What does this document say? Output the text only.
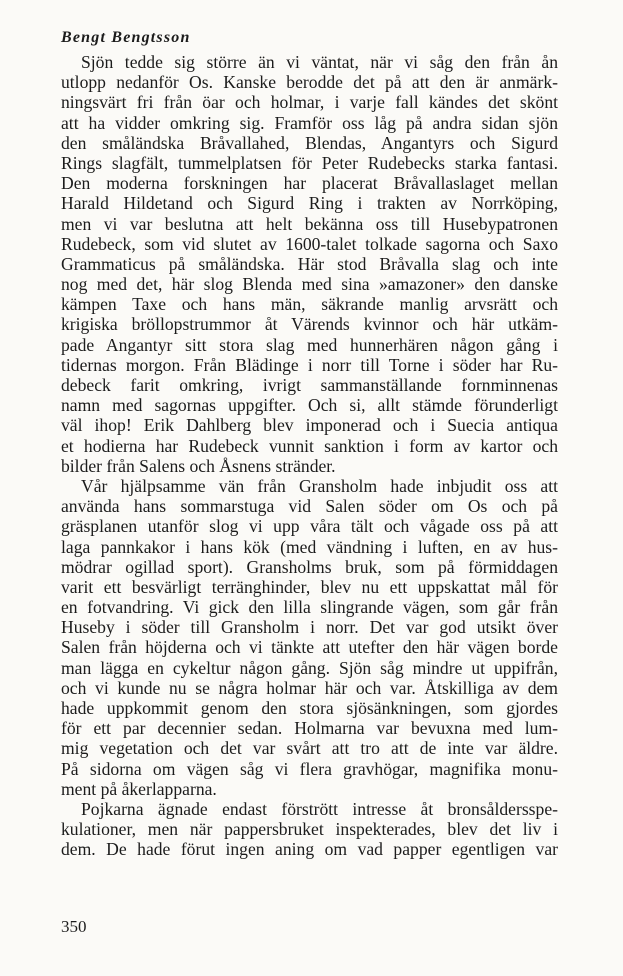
Bengt Bengtsson
Sjön tedde sig större än vi väntat, när vi såg den från ån
utlopp nedanför Os. Kanske berodde det på att den är anmärk-
ningsvärt fri från öar och holmar, i varje fall kändes det skönt
att ha vidder omkring sig. Framför oss låg på andra sidan sjön
den småländska Bråvallahed, Blendas, Angantyrs och Sigurd
Rings slagfält, tummelplatsen för Peter Rudebecks starka fantasi.
Den moderna forskningen har placerat Bråvallaslaget mellan
Harald Hildetand och Sigurd Ring i trakten av Norrköping,
men vi var beslutna att helt bekänna oss till Husebypatronen
Rudebeck, som vid slutet av 1600-talet tolkade sagorna och Saxo
Grammaticus på småländska. Här stod Bråvalla slag och inte
nog med det, här slog Blenda med sina »amazoner» den danske
kämpen Taxe och hans män, säkrande manlig arvsrätt och
krigiska bröllopstrummor åt Värends kvinnor och här utkäm-
pade Angantyr sitt stora slag med hunnerhären någon gång i
tidernas morgon. Från Blädinge i norr till Torne i söder har Ru-
debeck farit omkring, ivrigt sammanställande fornminnenas
namn med sagornas uppgifter. Och si, allt stämde förunderligt
väl ihop! Erik Dahlberg blev imponerad och i Suecia antiqua
et hodierna har Rudebeck vunnit sanktion i form av kartor och
bilder från Salens och Åsnens stränder.
Vår hjälpsamme vän från Gransholm hade inbjudit oss att
använda hans sommarstuga vid Salen söder om Os och på
gräsplanen utanför slog vi upp våra tält och vågade oss på att
laga pannkakor i hans kök (med vändning i luften, en av hus-
mödrar ogillad sport). Gransholms bruk, som på förmiddagen
varit ett besvärligt terränghinder, blev nu ett uppskattat mål för
en fotvandring. Vi gick den lilla slingrande vägen, som går från
Huseby i söder till Gransholm i norr. Det var god utsikt över
Salen från höjderna och vi tänkte att utefter den här vägen borde
man lägga en cykeltur någon gång. Sjön såg mindre ut uppifrån,
och vi kunde nu se några holmar här och var. Åtskilliga av dem
hade uppkommit genom den stora sjösänkningen, som gjordes
för ett par decennier sedan. Holmarna var bevuxna med lum-
mig vegetation och det var svårt att tro att de inte var äldre.
På sidorna om vägen såg vi flera gravhögar, magnifika monu-
ment på åkerlapparna.
Pojkarna ägnade endast förstrött intresse åt bronsåldersspe-
kulationer, men när pappersbruket inspekterades, blev det liv i
dem. De hade förut ingen aning om vad papper egentligen var
350
